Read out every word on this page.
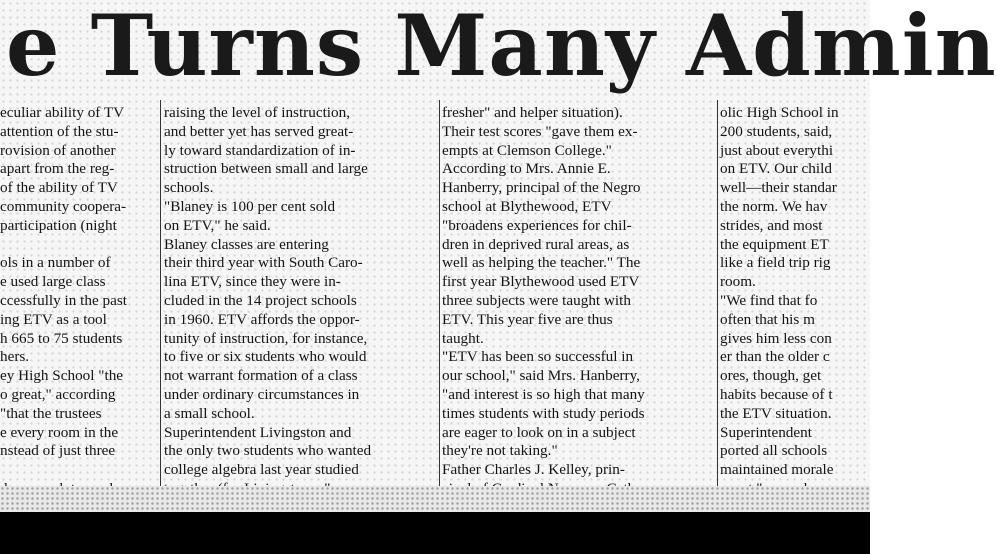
e Turns Many Admin
eculiar ability of TV
attention of the stu-
rovision of another
apart from the reg-
of the ability of TV
community coopera-
participation (night
ols in a number of
e used large class
ccessfully in the past
ing ETV as a tool
h 665 to 75 students
hers.
ey High School "the
o great," according
"that the trustees
e every room in the
nstead of just three
raising the level of instruction,
and better yet has served great-
ly toward standardization of in-
struction between small and large
schools.
"Blaney is 100 per cent sold
on ETV," he said.
Blaney classes are entering
their third year with South Caro-
lina ETV, since they were in-
cluded in the 14 project schools
in 1960. ETV affords the oppor-
tunity of instruction, for instance,
to five or six students who would
not warrant formation of a class
under ordinary circumstances in
a small school.
Superintendent Livingston and
the only two students who wanted
college algebra last year studied
fresher" and helper situation).
Their test scores "gave them ex-
empts at Clemson College."
According to Mrs. Annie E.
Hanberry, principal of the Negro
school at Blythewood, ETV
"broadens experiences for chil-
dren in deprived rural areas, as
well as helping the teacher." The
first year Blythewood used ETV
three subjects were taught with
ETV. This year five are thus
taught.
"ETV has been so successful in
our school," said Mrs. Hanberry,
"and interest is so high that many
times students with study periods
are eager to look on in a subject
they're not taking."
Father Charles J. Kelley, prin-
olic High School in
200 students, said,
just about everythi
on ETV. Our child
well—their standar
the norm. We hav
strides, and most
the equipment ET
like a field trip rig
room.
"We find that fo
often that his m
gives him less con
er than the older c
ores, though, get
habits because of t
the ETV situation.
Superintendent
ported all schools
maintained morale
